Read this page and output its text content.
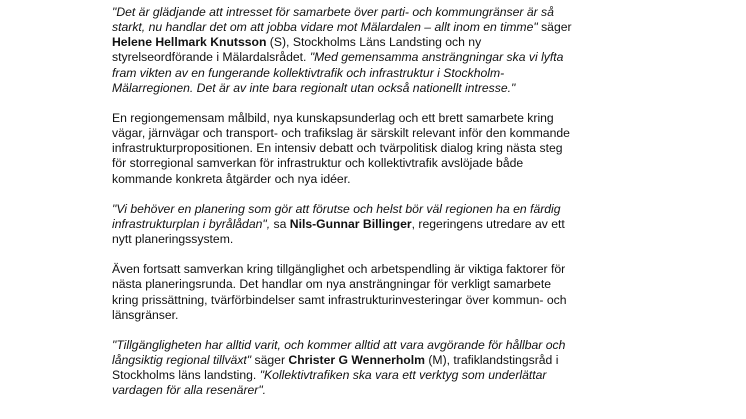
"Det är glädjande att intresset för samarbete över parti- och kommungränser är så
starkt, nu handlar det om att jobba vidare mot Mälardalen – allt inom en timme" säger
Helene Hellmark Knutsson (S), Stockholms Läns Landsting och ny
styrelseordförande i Mälardalsrådet. "Med gemensamma ansträngningar ska vi lyfta
fram vikten av en fungerande kollektivtrafik och infrastruktur i Stockholm-
Mälarregionen. Det är av inte bara regionalt utan också nationellt intresse."

En regiongemensam målbild, nya kunskapsunderlag och ett brett samarbete kring
vägar, järnvägar och transport- och trafikslag är särskilt relevant inför den kommande
infrastrukturpropositionen. En intensiv debatt och tvärpolitisk dialog kring nästa steg
för storregional samverkan för infrastruktur och kollektivtrafik avslöjade både
kommande konkreta åtgärder och nya idéer.

"Vi behöver en planering som gör att förutse och helst bör väl regionen ha en färdig
infrastrukturplan i byrålådan", sa Nils-Gunnar Billinger, regeringens utredare av ett
nytt planeringssystem.

Även fortsatt samverkan kring tillgänglighet och arbetspendling är viktiga faktorer för
nästa planeringsrunda. Det handlar om nya ansträngningar för verkligt samarbete
kring prissättning, tvärförbindelser samt infrastrukturinvesteringar över kommun- och
länsgränser.

"Tillgängligheten har alltid varit, och kommer alltid att vara avgörande för hållbar och
långsiktig regional tillväxt" säger Christer G Wennerholm (M), trafiklandstingsråd i
Stockholms läns landsting. "Kollektivtrafiken ska vara ett verktyg som underlättar
vardagen för alla resenärer".
